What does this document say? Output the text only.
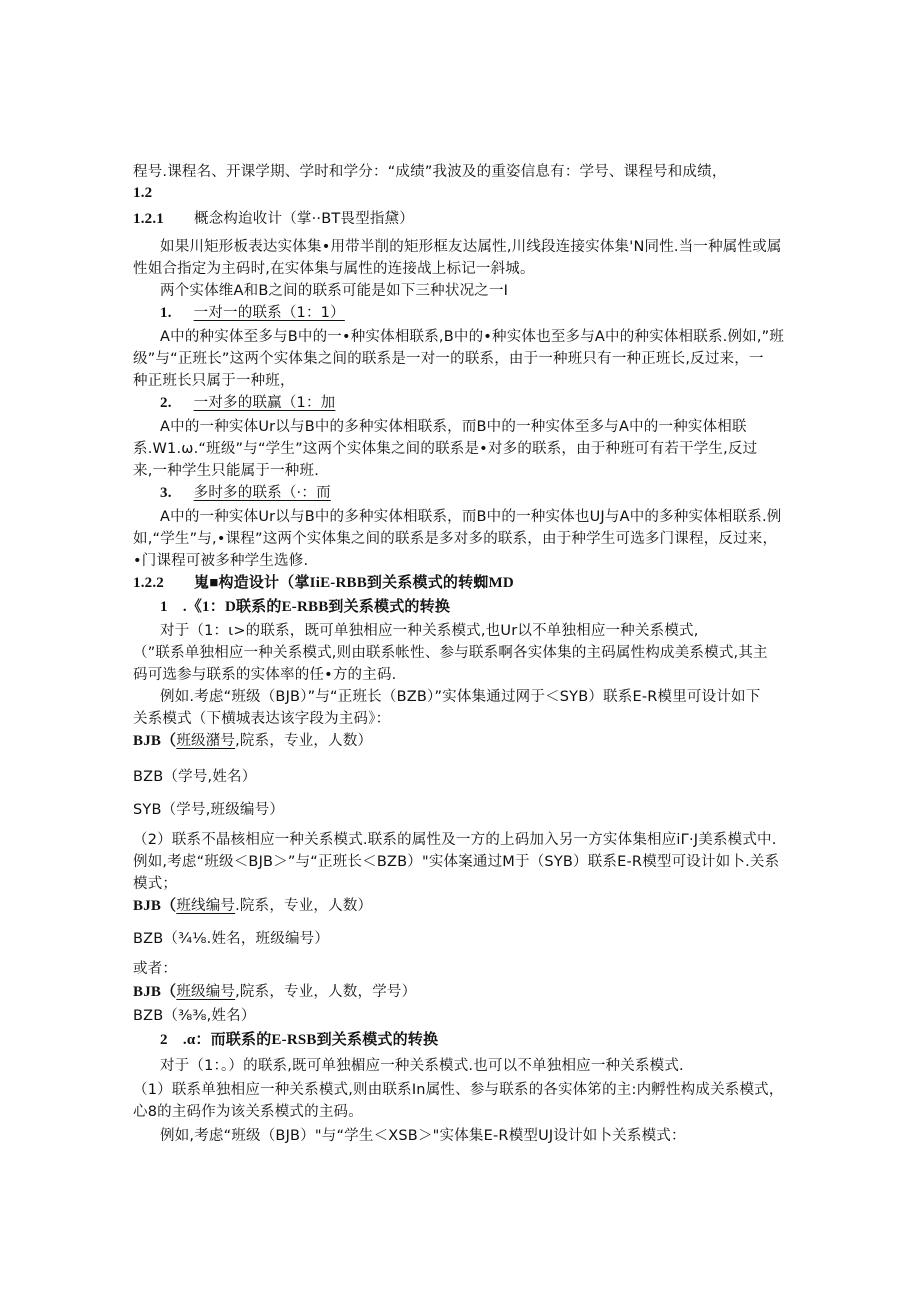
程号.课程名、开课学期、学时和学分：“成绩”我波及的重姿信息有：学号、课程号和成绩，
1.2
1.2.1 概念构迨收计（掌··BT畏型指黛）
如果川矩形板表达实体集•用带半削的矩形框友达属性,川线段连接实体集'N同性.当一种属性或属
性姐合指定为主码时,在实体集与属性的连接战上标记一斜城。
两个实体维A和B之间的联系可能是如下三种状况之一I
1. 一对一的联系（1：1）
A中的种实体至多与B中的一•种实体相联系,B中的•种实体也至多与A中的种实体相联系.例如,”班
级”与“正班长”这两个实体集之间的联系是一对一的联系，由于一种班只有一种正班长,反过来，一
种正班长只属于一种班，
2. 一对多的联赢（1：加
A中的一种实体Ur以与B中的多种实体相联系，而B中的一种实体至多与A中的一种实体相联
系.W1.ω.“班级”与“学生”这两个实体集之间的联系是•对多的联系，由于种班可有若干学生,反过
来,一种学生只能属于一种班.
3. 多时多的联系（·：而
A中的一种实体Ur以与B中的多种实体相联系，而B中的一种实体也UJ与A中的多种实体相联系.例
如,“学生”与,•课程”这两个实体集之间的联系是多对多的联系，由于种学生可选多门课程，反过来，
•门课程可被多种学生选修.
1.2.2 嵬■构造设计（掌IiE-RBB到关系模式的转蜘MD
1　.《1：D联系的E-RBB到关系模式的转换
对于（1：ι>的联系，既可单独相应一种关系模式,也Ur以不单独相应一种关系模式,
（”联系单独相应一种关系模式,则由联系帐性、参与联系啊各实体集的主码属性构成美系模式,其主
码可选参与联系的实体率的任•方的主码.
例如.考虑“班级（BJB）”与“正班长（BZB）”实体集通过网于＜SYB）联系E-R模里可设计如下
关系模式（下横城表达该字段为主码》：
BJB（班级潴号,院系，专业，人数）
BZB（学号,姓名）
SYB（学号,班级编号）
（2）联系不晶核相应一种关系模式.联系的属性及一方的上码加入另一方实体集相应iΓ·J美系模式中.
例如,考虑“班级＜BJB＞”与“正班长＜BZB）"实体案通过M于（SYB）联系E-R模型可设计如卜.关系
模式；
BJB（班线编号.院系，专业，人数）
BZB（¾⅛.姓名，班级编号）
或者：
BJB（班级编号,院系，专业，人数，学号）
BZB（⅜⅜,姓名）
2　.α：而联系的E-RSB到关系模式的转换
对于（1：。）的联系,既可单独楣应一种关系模式.也可以不单独相应一种关系模式.
（1）联系单独相应一种关系模式,则由联系In属性、参与联系的各实体笫的主:内孵性构成关系模式，
心8的主码作为该关系模式的主码。
例如,考虑“班级（BJB）"与“学生＜XSB＞"实体集E-R模型UJ设计如卜关系模式：
